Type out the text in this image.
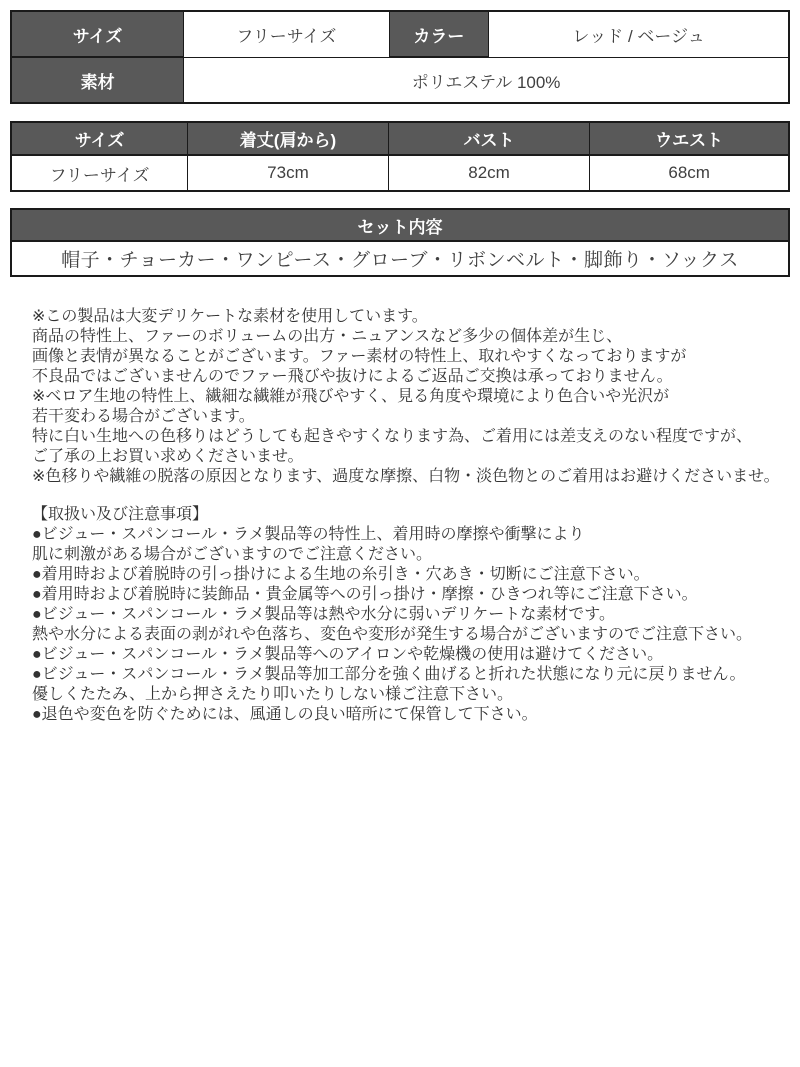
サイズ	フリーサイズ	カラー	レッド / ベージュ
素材	ポリエステル 100%		
サイズ	着丈(肩から)	バスト	ウエスト
フリーサイズ	73cm	82cm	68cm
セット内容
帽子・チョーカー・ワンピース・グローブ・リボンベルト・脚飾り・ソックス
※この製品は大変デリケートな素材を使用しています。
商品の特性上、ファーのボリュームの出方・ニュアンスなど多少の個体差が生じ、
画像と表情が異なることがございます。ファー素材の特性上、取れやすくなっておりますが
不良品ではございませんのでファー飛びや抜けによるご返品ご交換は承っておりません。
※ベロア生地の特性上、繊細な繊維が飛びやすく、見る角度や環境により色合いや光沢が
若干変わる場合がございます。
特に白い生地への色移りはどうしても起きやすくなります為、ご着用には差支えのない程度ですが、
ご了承の上お買い求めくださいませ。
※色移りや繊維の脱落の原因となります、過度な摩擦、白物・淡色物とのご着用はお避けくださいませ。
【取扱い及び注意事項】
●ビジュー・スパンコール・ラメ製品等の特性上、着用時の摩擦や衝撃により
肌に刺激がある場合がございますのでご注意ください。
●着用時および着脱時の引っ掛けによる生地の糸引き・穴あき・切断にご注意下さい。
●着用時および着脱時に装飾品・貴金属等への引っ掛け・摩擦・ひきつれ等にご注意下さい。
●ビジュー・スパンコール・ラメ製品等は熱や水分に弱いデリケートな素材です。
熱や水分による表面の剥がれや色落ち、変色や変形が発生する場合がございますのでご注意下さい。
●ビジュー・スパンコール・ラメ製品等へのアイロンや乾燥機の使用は避けてください。
●ビジュー・スパンコール・ラメ製品等加工部分を強く曲げると折れた状態になり元に戻りません。
優しくたたみ、上から押さえたり叩いたりしない様ご注意下さい。
●退色や変色を防ぐためには、風通しの良い暗所にて保管して下さい。
